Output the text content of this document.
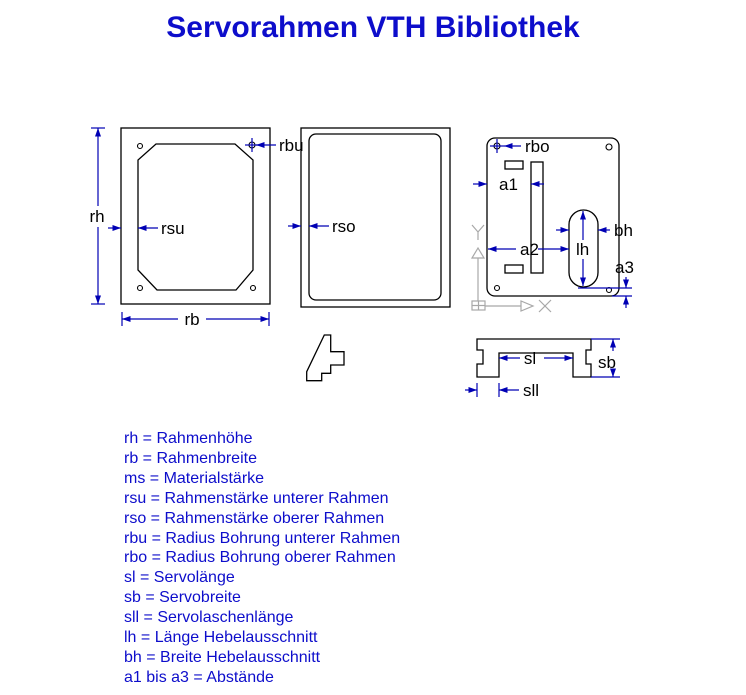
Servorahmen VTH Bibliothek
rh
rb
rsu
rbu
rso
rbo
a1
a2 lh
bh
a3
sl	sb
sll
rh = Rahmenhöhe
rb = Rahmenbreite
ms = Materialstärke
rsu = Rahmenstärke unterer Rahmen
rso = Rahmenstärke oberer Rahmen
rbu = Radius Bohrung unterer Rahmen
rbo = Radius Bohrung oberer Rahmen
sl = Servolänge
sb = Servobreite
sll = Servolaschenlänge
lh = Länge Hebelausschnitt
bh = Breite Hebelausschnitt
a1 bis a3 = Abstände
